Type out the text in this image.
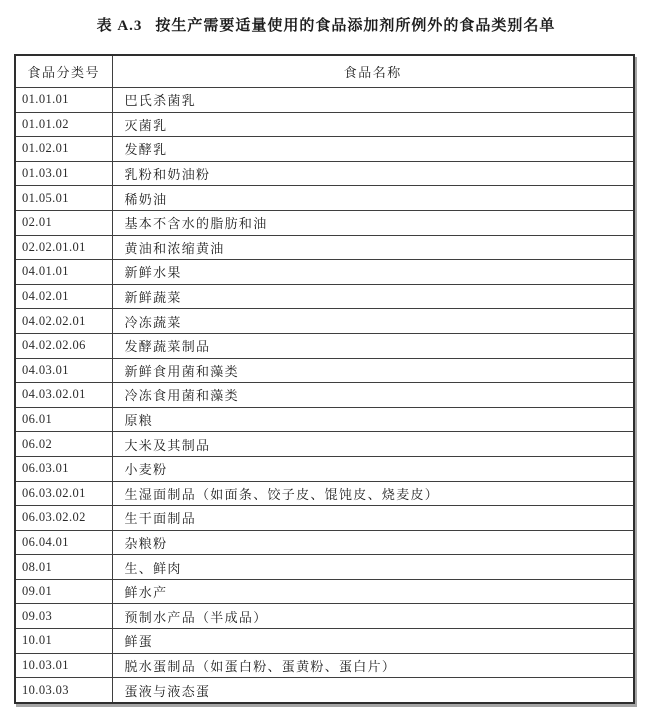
表 A.3 按生产需要适量使用的食品添加剂所例外的食品类别名单
食品分类号	食品名称
01.01.01	巴氏杀菌乳
01.01.02	灭菌乳
01.02.01	发酵乳
01.03.01	乳粉和奶油粉
01.05.01	稀奶油
02.01	基本不含水的脂肪和油
02.02.01.01	黄油和浓缩黄油
04.01.01	新鲜水果
04.02.01	新鲜蔬菜
04.02.02.01	冷冻蔬菜
04.02.02.06	发酵蔬菜制品
04.03.01	新鲜食用菌和藻类
04.03.02.01	冷冻食用菌和藻类
06.01	原粮
06.02	大米及其制品
06.03.01	小麦粉
06.03.02.01	生湿面制品（如面条、饺子皮、馄饨皮、烧麦皮）
06.03.02.02	生干面制品
06.04.01	杂粮粉
08.01	生、鲜肉
09.01	鲜水产
09.03	预制水产品（半成品）
10.01	鲜蛋
10.03.01	脱水蛋制品（如蛋白粉、蛋黄粉、蛋白片）
10.03.03	蛋液与液态蛋
